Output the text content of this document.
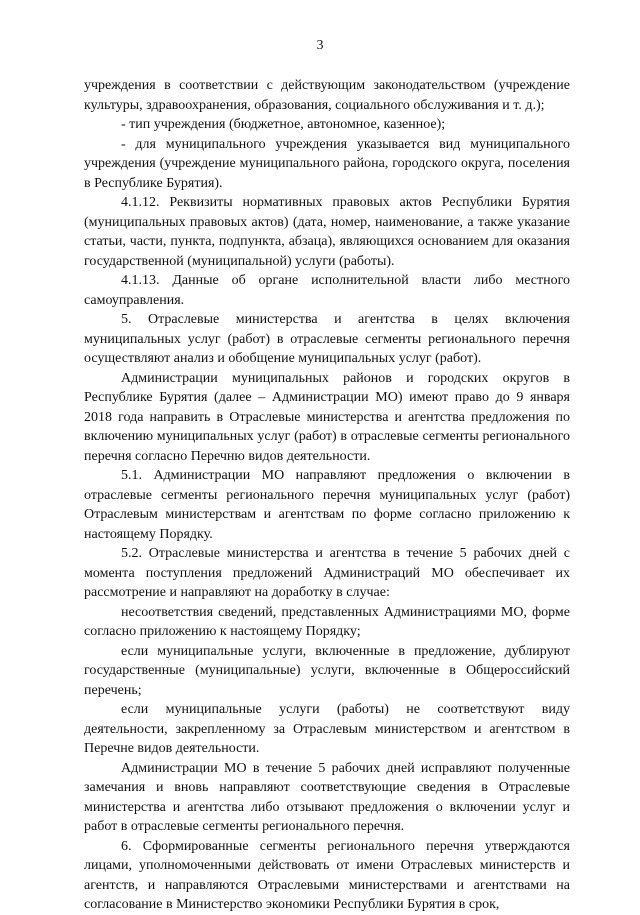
3

учреждения в соответствии с действующим законодательством (учреждение культуры, здравоохранения, образования, социального обслуживания и т. д.);

- тип учреждения (бюджетное, автономное, казенное);

- для муниципального учреждения указывается вид муниципального учреждения (учреждение муниципального района, городского округа, поселения в Республике Бурятия).

4.1.12. Реквизиты нормативных правовых актов Республики Бурятия (муниципальных правовых актов) (дата, номер, наименование, а также указание статьи, части, пункта, подпункта, абзаца), являющихся основанием для оказания государственной (муниципальной) услуги (работы).

4.1.13. Данные об органе исполнительной власти либо местного самоуправления.

5. Отраслевые министерства и агентства в целях включения муниципальных услуг (работ) в отраслевые сегменты регионального перечня осуществляют анализ и обобщение муниципальных услуг (работ).

Администрации муниципальных районов и городских округов в Республике Бурятия (далее – Администрации МО) имеют право до 9 января 2018 года направить в Отраслевые министерства и агентства предложения по включению муниципальных услуг (работ) в отраслевые сегменты регионального перечня согласно Перечню видов деятельности.

5.1. Администрации МО направляют предложения о включении в отраслевые сегменты регионального перечня муниципальных услуг (работ) Отраслевым министерствам и агентствам по форме согласно приложению к настоящему Порядку.

5.2. Отраслевые министерства и агентства в течение 5 рабочих дней с момента поступления предложений Администраций МО обеспечивает их рассмотрение и направляют на доработку в случае:

несоответствия сведений, представленных Администрациями МО, форме согласно приложению к настоящему Порядку;

если муниципальные услуги, включенные в предложение, дублируют государственные (муниципальные) услуги, включенные в Общероссийский перечень;

если муниципальные услуги (работы) не соответствуют виду деятельности, закрепленному за Отраслевым министерством и агентством в Перечне видов деятельности.

Администрации МО в течение 5 рабочих дней исправляют полученные замечания и вновь направляют соответствующие сведения в Отраслевые министерства и агентства либо отзывают предложения о включении услуг и работ в отраслевые сегменты регионального перечня.

6. Сформированные сегменты регионального перечня утверждаются лицами, уполномоченными действовать от имени Отраслевых министерств и агентств, и направляются Отраслевыми министерствами и агентствами на согласование в Министерство экономики Республики Бурятия в срок,
